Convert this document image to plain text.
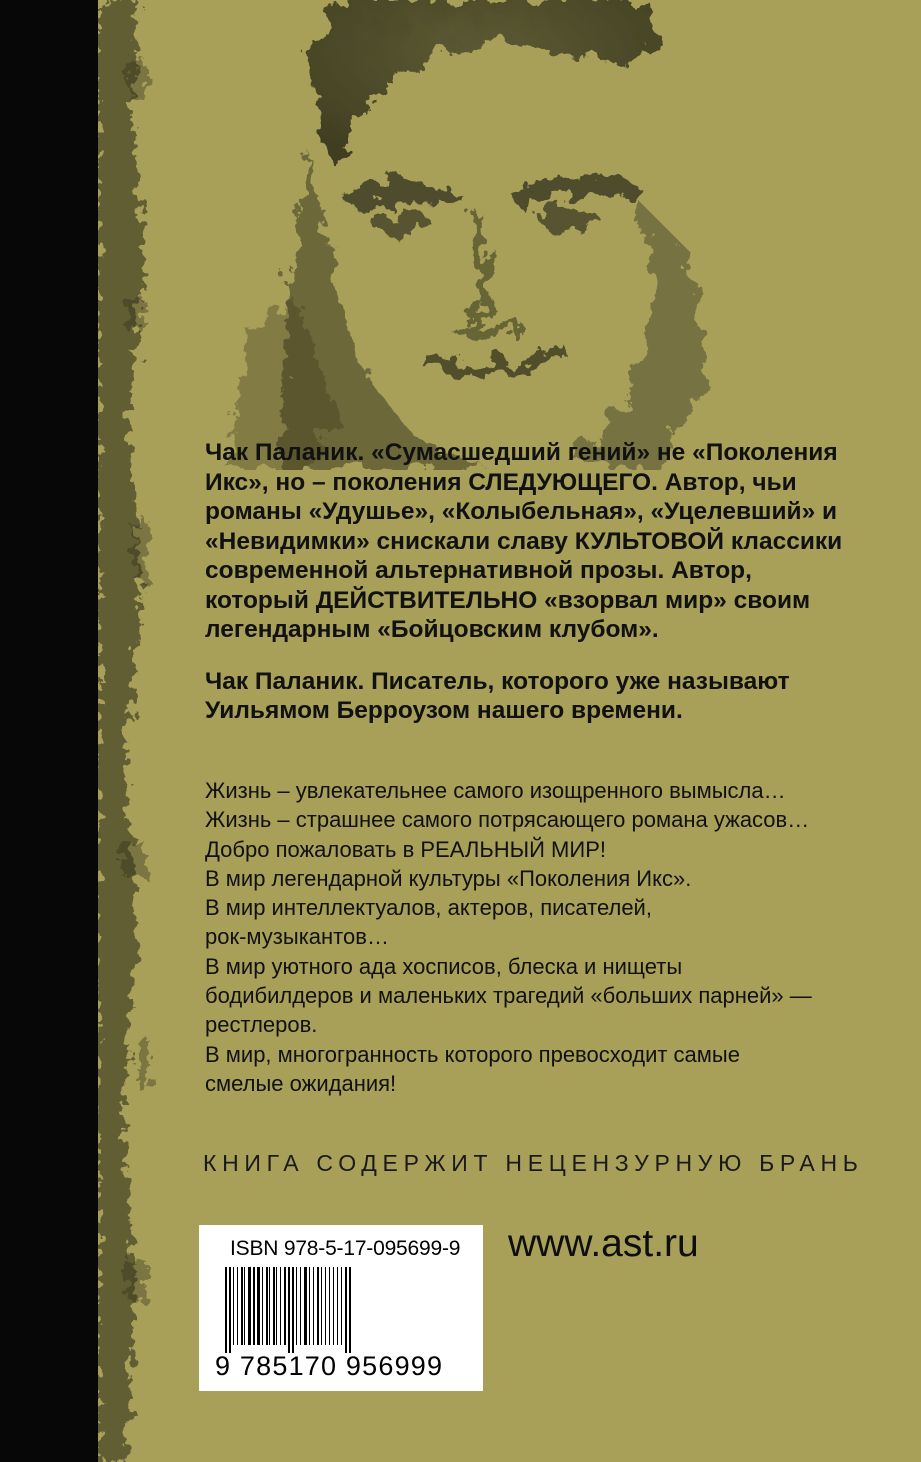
Чак Паланик. «Сумасшедший гений» не «Поколения Икс», но – поколения СЛЕДУЮЩЕГО. Автор, чьи романы «Удушье», «Колыбельная», «Уцелевший» и «Невидимки» снискали славу КУЛЬТОВОЙ классики современной альтернативной прозы. Автор, который ДЕЙСТВИТЕЛЬНО «взорвал мир» своим легендарным «Бойцовским клубом».

Чак Паланик. Писатель, которого уже называют Уильямом Берроузом нашего времени.

Жизнь – увлекательнее самого изощренного вымысла…

Жизнь – страшнее самого потрясающего романа ужасов…

Добро пожаловать в РЕАЛЬНЫЙ МИР!

В мир легендарной культуры «Поколения Икс».

В мир интеллектуалов, актеров, писателей, рок-музыкантов…

В мир уютного ада хосписов, блеска и нищеты бодибилдеров и маленьких трагедий «больших парней» — рестлеров.

В мир, многогранность которого превосходит самые смелые ожидания!

КНИГА СОДЕРЖИТ НЕЦЕНЗУРНУЮ БРАНЬ
ISBN 978-5-17-095699-9
9 785170 956999
www.ast.ru
